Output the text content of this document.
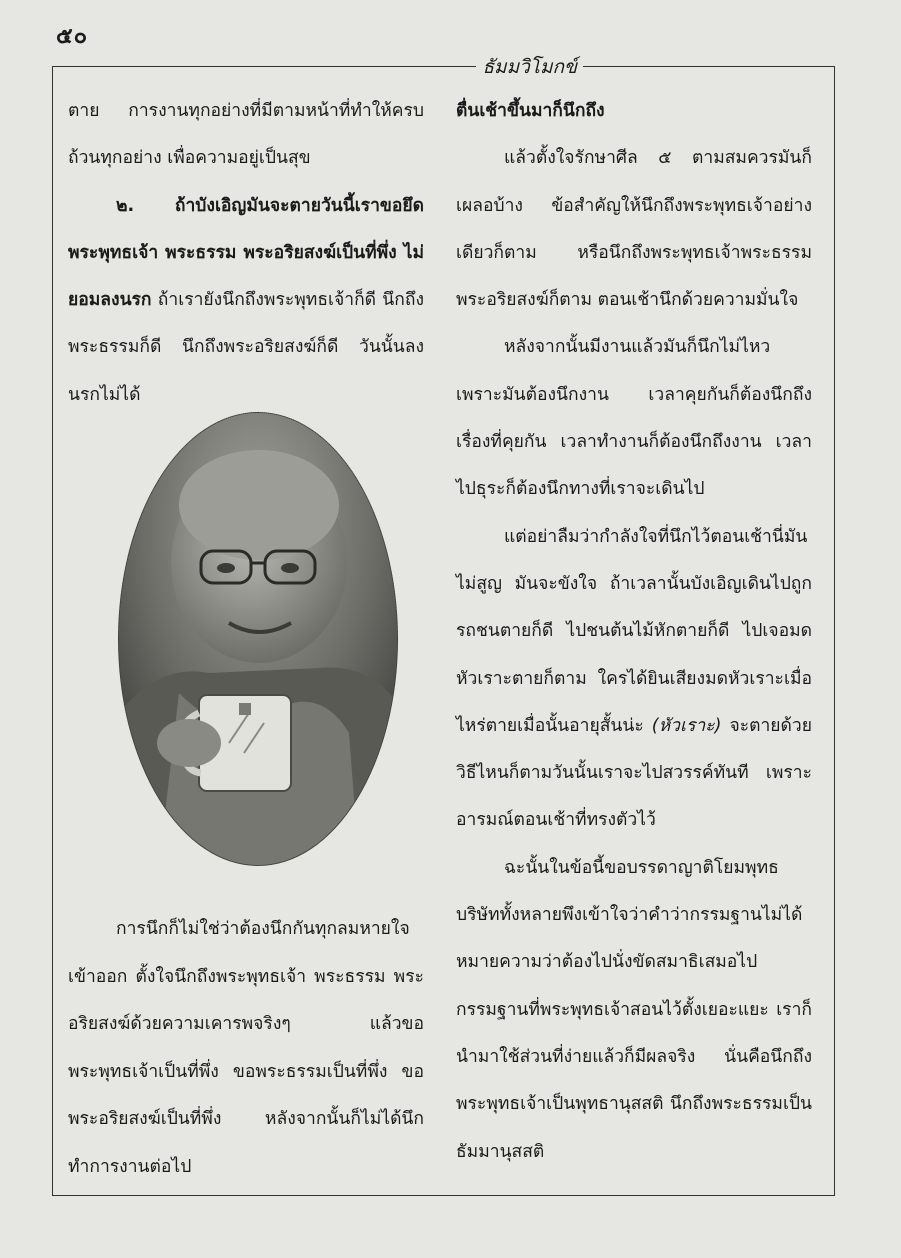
๕๐
ธัมมวิโมกข์

ตาย การงานทุกอย่างที่มีตามหน้าที่ทำให้ครบถ้วนทุกอย่าง เพื่อความอยู่เป็นสุข

๒. ถ้าบังเอิญมันจะตายวันนี้เราขอยึดพระพุทธเจ้า พระธรรม พระอริยสงฆ์เป็นที่พึ่ง ไม่ยอมลงนรก ถ้าเรายังนึกถึงพระพุทธเจ้าก็ดี นึกถึงพระธรรมก็ดี นึกถึงพระอริยสงฆ์ก็ดี วันนั้นลงนรกไม่ได้

การนึกก็ไม่ใช่ว่าต้องนึกกันทุกลมหายใจเข้าออก ตั้งใจนึกถึงพระพุทธเจ้า พระธรรม พระอริยสงฆ์ด้วยความเคารพจริงๆ แล้วขอพระพุทธเจ้าเป็นที่พึ่ง ขอพระธรรมเป็นที่พึ่ง ขอพระอริยสงฆ์เป็นที่พึ่ง หลังจากนั้นก็ไม่ได้นึก ทำการงานต่อไป

ตื่นเช้าขึ้นมาก็นึกถึง

แล้วตั้งใจรักษาศีล ๕ ตามสมควรมันก็เผลอบ้าง ข้อสำคัญให้นึกถึงพระพุทธเจ้าอย่างเดียวก็ตาม หรือนึกถึงพระพุทธเจ้าพระธรรม พระอริยสงฆ์ก็ตาม ตอนเช้านึกด้วยความมั่นใจ

หลังจากนั้นมีงานแล้วมันก็นึกไม่ไหวเพราะมันต้องนึกงาน เวลาคุยกันก็ต้องนึกถึงเรื่องที่คุยกัน เวลาทำงานก็ต้องนึกถึงงาน เวลาไปธุระก็ต้องนึกทางที่เราจะเดินไป

แต่อย่าลืมว่ากำลังใจที่นึกไว้ตอนเช้านี่มันไม่สูญ มันจะขังใจ ถ้าเวลานั้นบังเอิญเดินไปถูกรถชนตายก็ดี ไปชนต้นไม้หักตายก็ดี ไปเจอมดหัวเราะตายก็ตาม ใครได้ยินเสียงมดหัวเราะเมื่อไหร่ตายเมื่อนั้นอายุสั้นน่ะ (หัวเราะ) จะตายด้วยวิธีไหนก็ตามวันนั้นเราจะไปสวรรค์ทันที เพราะอารมณ์ตอนเช้าที่ทรงตัวไว้

ฉะนั้นในข้อนี้ขอบรรดาญาติโยมพุทธบริษัททั้งหลายพึงเข้าใจว่าคำว่ากรรมฐานไม่ได้หมายความว่าต้องไปนั่งขัดสมาธิเสมอไป กรรมฐานที่พระพุทธเจ้าสอนไว้ตั้งเยอะแยะ เราก็นำมาใช้ส่วนที่ง่ายแล้วก็มีผลจริง นั่นคือนึกถึงพระพุทธเจ้าเป็นพุทธานุสสติ นึกถึงพระธรรมเป็นธัมมานุสสติ
